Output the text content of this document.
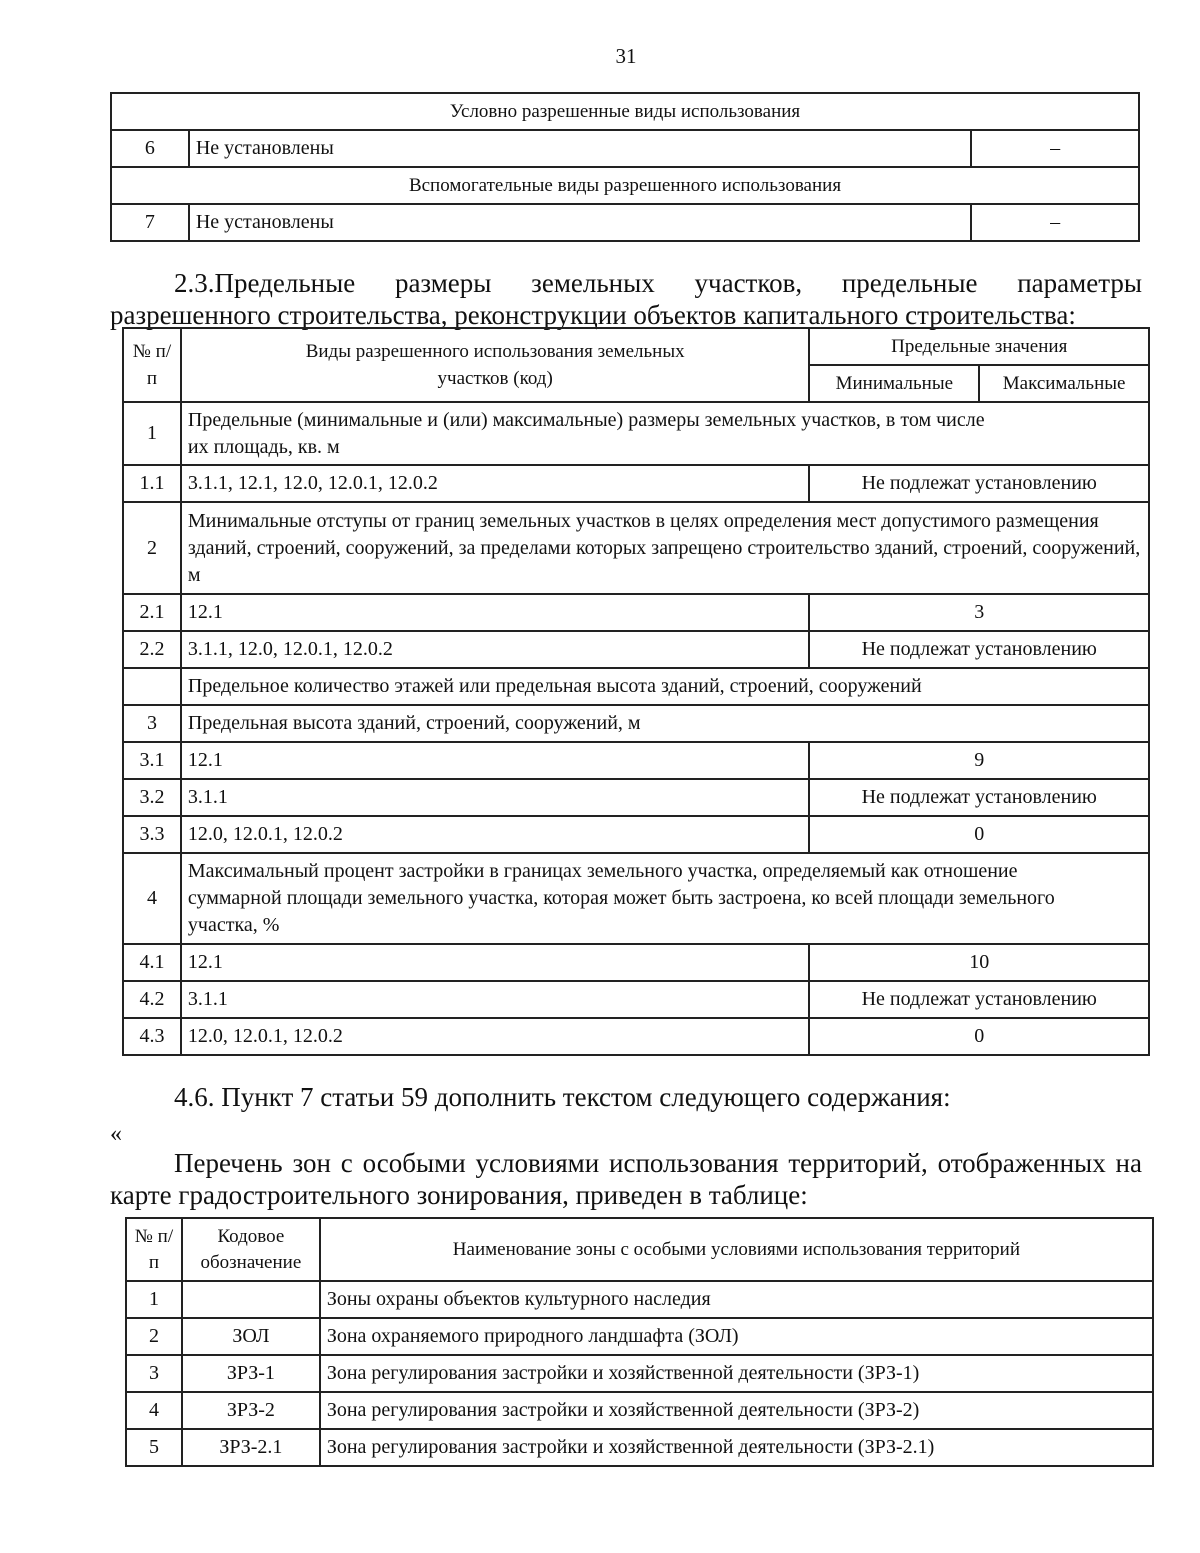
31
Условно разрешенные виды использования		
6	Не установлены	–
Вспомогательные виды разрешенного использования		
7	Не установлены	–
2.3.Предельные размеры земельных участков, предельные параметры
разрешенного строительства, реконструкции объектов капитального строительства:
№ п/п	Виды разрешенного использования земельных участков (код)	Предельные значения	
		Минимальные	Максимальные
1	Предельные (минимальные и (или) максимальные) размеры земельных участков, в том числе их площадь, кв. м		
1.1	3.1.1, 12.1, 12.0, 12.0.1, 12.0.2	Не подлежат установлению	
2	Минимальные отступы от границ земельных участков в целях определения мест допустимого размещения зданий, строений, сооружений, за пределами которых запрещено строительство зданий, строений, сооружений, м		
2.1	12.1	3	
2.2	3.1.1, 12.0, 12.0.1, 12.0.2	Не подлежат установлению	
	Предельное количество этажей или предельная высота зданий, строений, сооружений		
3	Предельная высота зданий, строений, сооружений, м		
3.1	12.1	9	
3.2	3.1.1	Не подлежат установлению	
3.3	12.0, 12.0.1, 12.0.2	0	
4	Максимальный процент застройки в границах земельного участка, определяемый как отношение суммарной площади земельного участка, которая может быть застроена, ко всей площади земельного участка, %		
4.1	12.1	10	
4.2	3.1.1	Не подлежат установлению	
4.3	12.0, 12.0.1, 12.0.2	0	
4.6. Пункт 7 статьи 59 дополнить текстом следующего содержания:
«
Перечень зон с особыми условиями использования территорий, отображенных на
карте градостроительного зонирования, приведен в таблице:
№ п/п	Кодовое обозначение	Наименование зоны с особыми условиями использования территорий
1		Зоны охраны объектов культурного наследия
2	ЗОЛ	Зона охраняемого природного ландшафта (ЗОЛ)
3	ЗРЗ-1	Зона регулирования застройки и хозяйственной деятельности (ЗРЗ-1)
4	ЗРЗ-2	Зона регулирования застройки и хозяйственной деятельности (ЗРЗ-2)
5	ЗРЗ-2.1	Зона регулирования застройки и хозяйственной деятельности (ЗРЗ-2.1)
